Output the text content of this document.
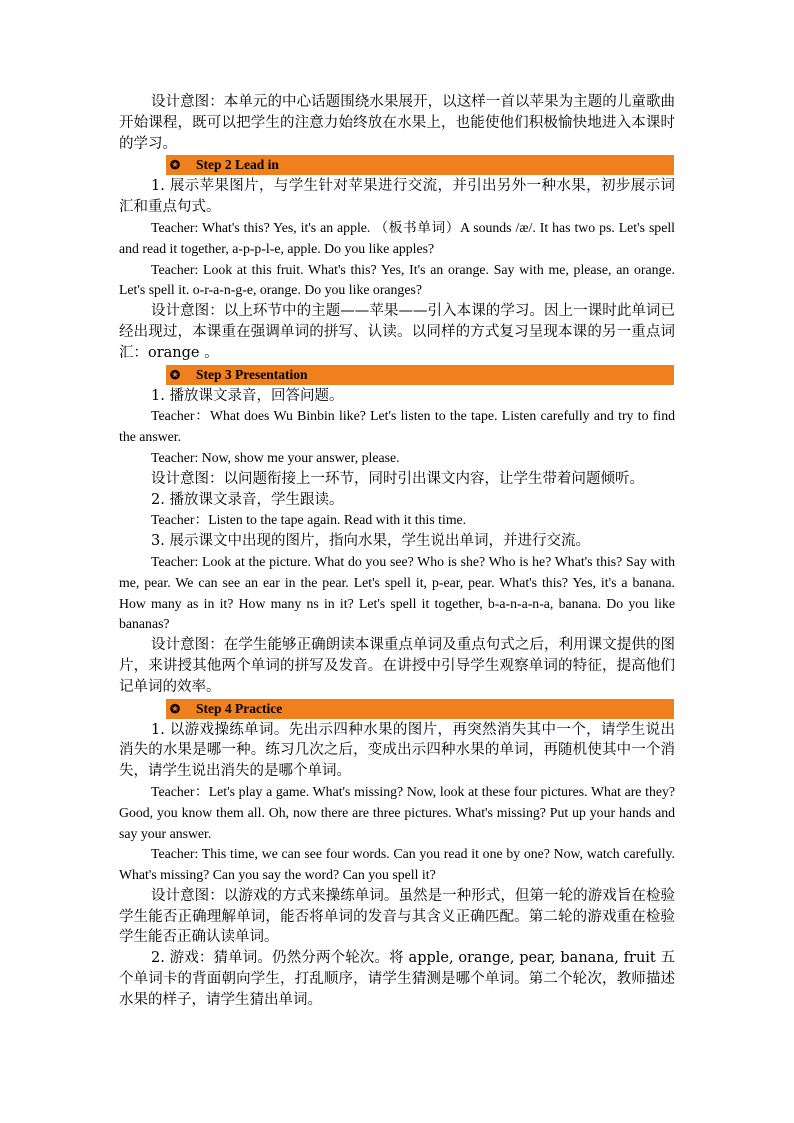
设计意图：本单元的中心话题围绕水果展开，以这样一首以苹果为主题的儿童歌曲开始课程，既可以把学生的注意力始终放在水果上，也能使他们积极愉快地进入本课时的学习。

✪ Step 2 Lead in

1. 展示苹果图片，与学生针对苹果进行交流，并引出另外一种水果，初步展示词汇和重点句式。

Teacher: What's this? Yes, it's an apple. （板书单词）A sounds /æ/. It has two ps. Let's spell and read it together, a-p-p-l-e, apple. Do you like apples?

Teacher: Look at this fruit. What's this? Yes, It's an orange. Say with me, please, an orange. Let's spell it. o-r-a-n-g-e, orange. Do you like oranges?

设计意图：以上环节中的主题——苹果——引入本课的学习。因上一课时此单词已经出现过，本课重在强调单词的拼写、认读。以同样的方式复习呈现本课的另一重点词汇：orange 。

✪ Step 3 Presentation

1. 播放课文录音，回答问题。

Teacher：What does Wu Binbin like? Let's listen to the tape. Listen carefully and try to find the answer.

Teacher: Now, show me your answer, please.

设计意图：以问题衔接上一环节，同时引出课文内容，让学生带着问题倾听。

2. 播放课文录音，学生跟读。

Teacher：Listen to the tape again. Read with it this time.

3. 展示课文中出现的图片，指向水果，学生说出单词，并进行交流。

Teacher: Look at the picture. What do you see? Who is she? Who is he? What's this? Say with me, pear. We can see an ear in the pear. Let's spell it, p-ear, pear. What's this? Yes, it's a banana. How many as in it? How many ns in it? Let's spell it together, b-a-n-a-n-a, banana. Do you like bananas?

设计意图：在学生能够正确朗读本课重点单词及重点句式之后，利用课文提供的图片，来讲授其他两个单词的拼写及发音。在讲授中引导学生观察单词的特征，提高他们记单词的效率。

✪ Step 4 Practice

1. 以游戏操练单词。先出示四种水果的图片，再突然消失其中一个，请学生说出消失的水果是哪一种。练习几次之后，变成出示四种水果的单词，再随机使其中一个消失，请学生说出消失的是哪个单词。

Teacher：Let's play a game. What's missing? Now, look at these four pictures. What are they? Good, you know them all. Oh, now there are three pictures. What's missing? Put up your hands and say your answer.

Teacher: This time, we can see four words. Can you read it one by one? Now, watch carefully. What's missing? Can you say the word? Can you spell it?

设计意图：以游戏的方式来操练单词。虽然是一种形式，但第一轮的游戏旨在检验学生能否正确理解单词，能否将单词的发音与其含义正确匹配。第二轮的游戏重在检验学生能否正确认读单词。

2. 游戏：猜单词。仍然分两个轮次。将 apple, orange, pear, banana, fruit 五个单词卡的背面朝向学生，打乱顺序，请学生猜测是哪个单词。第二个轮次，教师描述水果的样子，请学生猜出单词。
